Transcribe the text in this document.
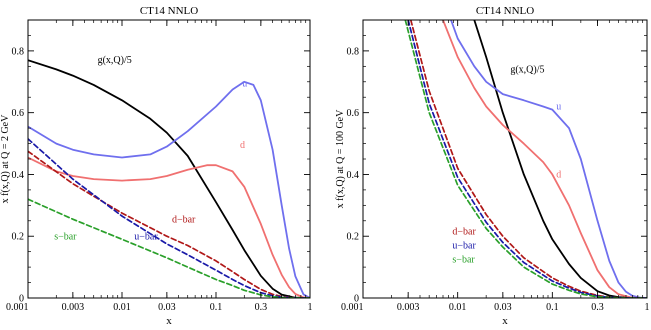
CT14 NNLO
0.001	0.003	0.01	0.03	0.1	0.3	1
0
0.2
0.4
0.6
0.8
x
x f(x,Q) at Q = 2 GeV
g(x,Q)/5
u
d
d−bar
u−bar
s−bar
CT14 NNLO
0.001	0.003	0.01	0.03	0.1	0.3	1
0
0.2
0.4
0.6
0.8
x
x f(x,Q) at Q = 100 GeV
g(x,Q)/5
u
d
d−bar
u−bar
s−bar
